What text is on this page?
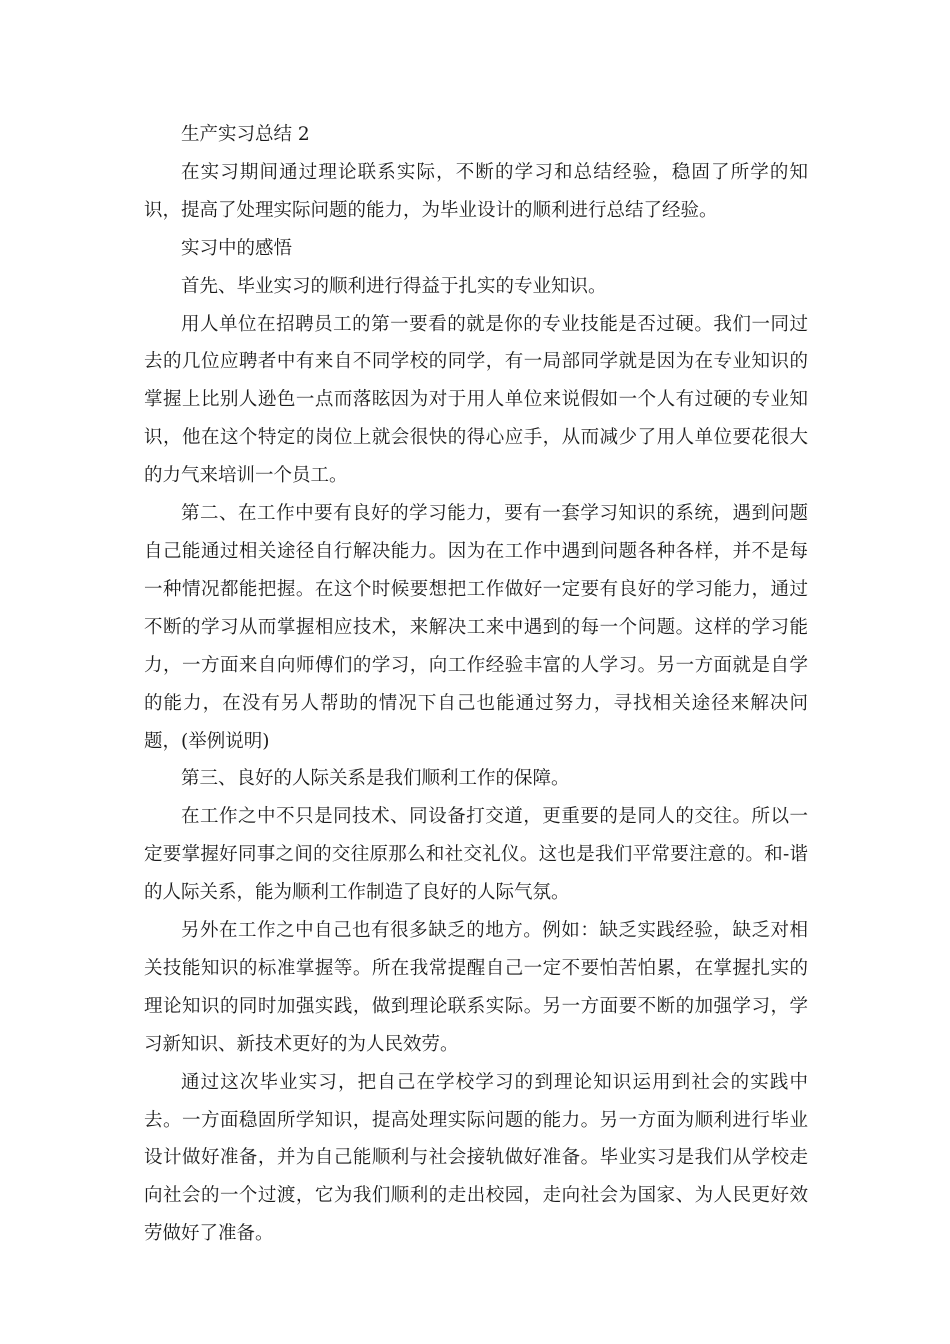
生产实习总结 2

在实习期间通过理论联系实际，不断的学习和总结经验，稳固了所学的知识，提高了处理实际问题的能力，为毕业设计的顺利进行总结了经验。

实习中的感悟

首先、毕业实习的顺利进行得益于扎实的专业知识。

用人单位在招聘员工的第一要看的就是你的专业技能是否过硬。我们一同过去的几位应聘者中有来自不同学校的同学，有一局部同学就是因为在专业知识的掌握上比别人逊色一点而落眩因为对于用人单位来说假如一个人有过硬的专业知识，他在这个特定的岗位上就会很快的得心应手，从而减少了用人单位要花很大的力气来培训一个员工。

第二、在工作中要有良好的学习能力，要有一套学习知识的系统，遇到问题自己能通过相关途径自行解决能力。因为在工作中遇到问题各种各样，并不是每一种情况都能把握。在这个时候要想把工作做好一定要有良好的学习能力，通过不断的学习从而掌握相应技术，来解决工来中遇到的每一个问题。这样的学习能力，一方面来自向师傅们的学习，向工作经验丰富的人学习。另一方面就是自学的能力，在没有另人帮助的情况下自己也能通过努力，寻找相关途径来解决问题，(举例说明)

第三、良好的人际关系是我们顺利工作的保障。

在工作之中不只是同技术、同设备打交道，更重要的是同人的交往。所以一定要掌握好同事之间的交往原那么和社交礼仪。这也是我们平常要注意的。和-谐的人际关系，能为顺利工作制造了良好的人际气氛。

另外在工作之中自己也有很多缺乏的地方。例如：缺乏实践经验，缺乏对相关技能知识的标准掌握等。所在我常提醒自己一定不要怕苦怕累，在掌握扎实的理论知识的同时加强实践，做到理论联系实际。另一方面要不断的加强学习，学习新知识、新技术更好的为人民效劳。

通过这次毕业实习，把自己在学校学习的到理论知识运用到社会的实践中去。一方面稳固所学知识，提高处理实际问题的能力。另一方面为顺利进行毕业设计做好准备，并为自己能顺利与社会接轨做好准备。毕业实习是我们从学校走向社会的一个过渡，它为我们顺利的走出校园，走向社会为国家、为人民更好效劳做好了准备。
